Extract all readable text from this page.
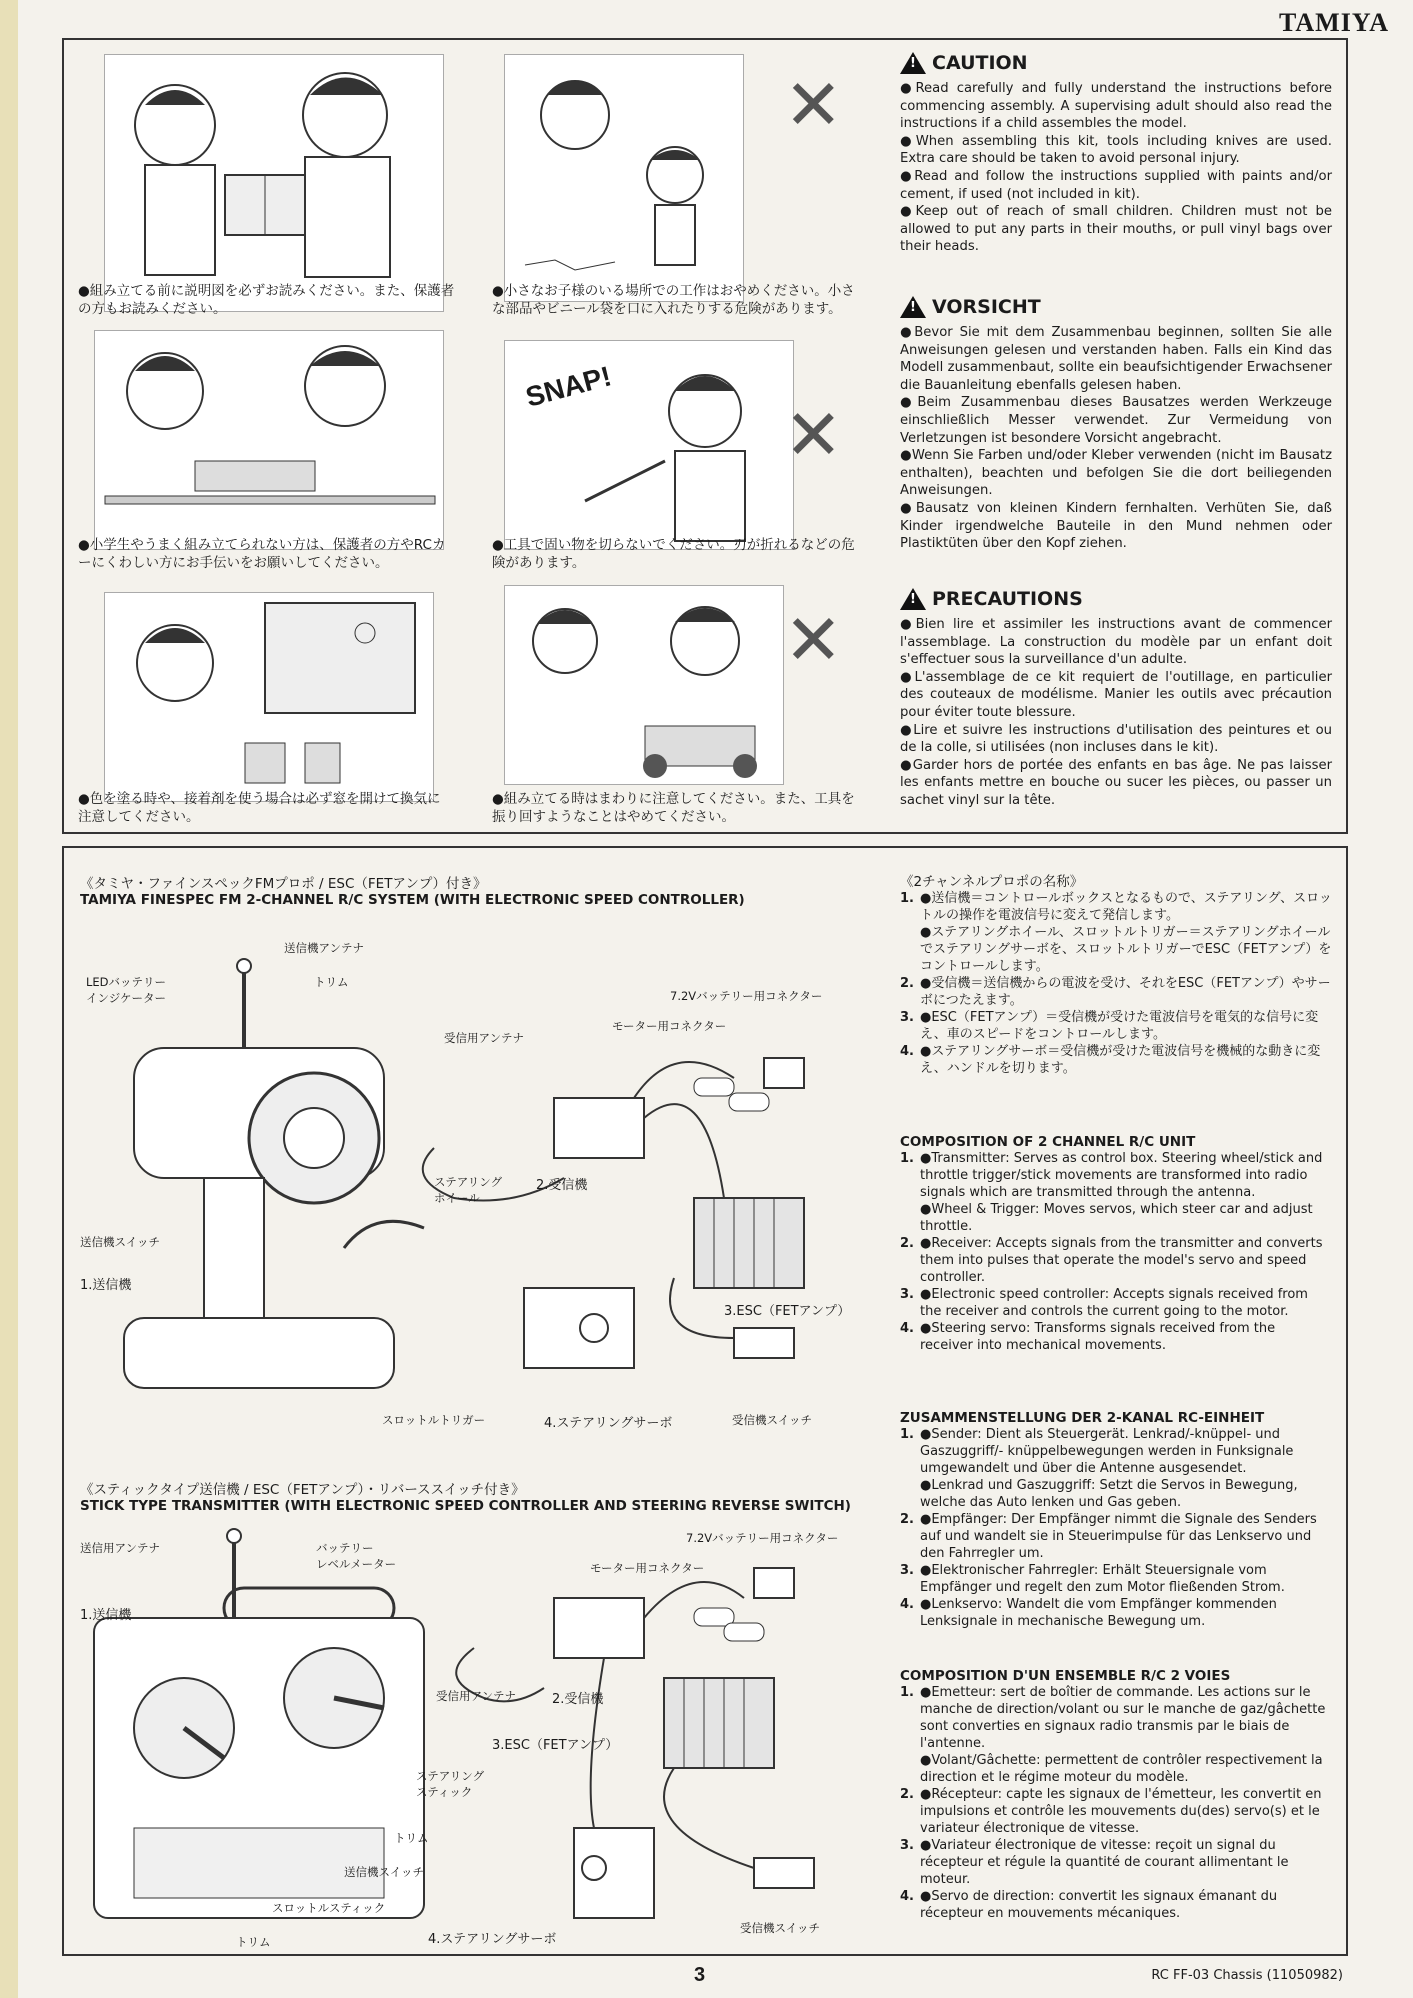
TAMIYA
●組み立てる前に説明図を必ずお読みください。また、保護者の方もお読みください。
●小学生やうまく組み立てられない方は、保護者の方やRCカーにくわしい方にお手伝いをお願いしてください。
●色を塗る時や、接着剤を使う場合は必ず窓を開けて換気に注意してください。
✕
●小さなお子様のいる場所での工作はおやめください。小さな部品やビニール袋を口に入れたりする危険があります。
SNAP!
✕
●工具で固い物を切らないでください。刃が折れるなどの危険があります。
✕
●組み立てる時はまわりに注意してください。また、工具を振り回すようなことはやめてください。
!
CAUTION
● Read carefully and fully understand the instructions before commencing assembly. A supervising adult should also read the instructions if a child assembles the model.
● When assembling this kit, tools including knives are used. Extra care should be taken to avoid personal injury.
● Read and follow the instructions supplied with paints and/or cement, if used (not included in kit).
● Keep out of reach of small children. Children must not be allowed to put any parts in their mouths, or pull vinyl bags over their heads.
!
VORSICHT
● Bevor Sie mit dem Zusammenbau beginnen, sollten Sie alle Anweisungen gelesen und verstanden haben. Falls ein Kind das Modell zusammenbaut, sollte ein beaufsichtigender Erwachsener die Bauanleitung ebenfalls gelesen haben.
● Beim Zusammenbau dieses Bausatzes werden Werkzeuge einschließlich Messer verwendet. Zur Vermeidung von Verletzungen ist besondere Vorsicht angebracht.
● Wenn Sie Farben und/oder Kleber verwenden (nicht im Bausatz enthalten), beachten und befolgen Sie die dort beiliegenden Anweisungen.
● Bausatz von kleinen Kindern fernhalten. Verhüten Sie, daß Kinder irgendwelche Bauteile in den Mund nehmen oder Plastiktüten über den Kopf ziehen.
!
PRECAUTIONS
● Bien lire et assimiler les instructions avant de commencer l'assemblage. La construction du modèle par un enfant doit s'effectuer sous la surveillance d'un adulte.
● L'assemblage de ce kit requiert de l'outillage, en particulier des couteaux de modélisme. Manier les outils avec précaution pour éviter toute blessure.
● Lire et suivre les instructions d'utilisation des peintures et ou de la colle, si utilisées (non incluses dans le kit).
● Garder hors de portée des enfants en bas âge. Ne pas laisser les enfants mettre en bouche ou sucer les pièces, ou passer un sachet vinyl sur la tête.
《タミヤ・ファインスペックFMプロポ / ESC（FETアンプ）付き》
TAMIYA FINESPEC FM 2-CHANNEL R/C SYSTEM (WITH ELECTRONIC SPEED CONTROLLER)
送信機アンテナ
LEDバッテリー
インジケーター
トリム
受信用アンテナ
7.2Vバッテリー用コネクター
モーター用コネクター
ステアリング
ホイール
2.受信機
送信機スイッチ
1.送信機
3.ESC（FETアンプ）
スロットルトリガー	4.ステアリングサーボ	受信機スイッチ
《スティックタイプ送信機 / ESC（FETアンプ）・リバーススイッチ付き》
STICK TYPE TRANSMITTER (WITH ELECTRONIC SPEED CONTROLLER AND STEERING REVERSE SWITCH)
送信用アンテナ	バッテリー
レベルメーター
7.2Vバッテリー用コネクター
モーター用コネクター
1.送信機
受信用アンテナ	2.受信機
3.ESC（FETアンプ）
ステアリング
スティック
トリム
送信機スイッチ
スロットルスティック
トリム	4.ステアリングサーボ
受信機スイッチ
《2チャンネルプロポの名称》
1. ●送信機＝コントロールボックスとなるもので、ステアリング、スロットルの操作を電波信号に変えて発信します。
●ステアリングホイール、スロットルトリガー＝ステアリングホイールでステアリングサーボを、スロットルトリガーでESC（FETアンプ）をコントロールします。
2. ●受信機＝送信機からの電波を受け、それをESC（FETアンプ）やサーボにつたえます。
3. ●ESC（FETアンプ）＝受信機が受けた電波信号を電気的な信号に変え、車のスピードをコントロールします。
4. ●ステアリングサーボ＝受信機が受けた電波信号を機械的な動きに変え、ハンドルを切ります。
COMPOSITION OF 2 CHANNEL R/C UNIT
1. ●Transmitter: Serves as control box. Steering wheel/stick and throttle trigger/stick movements are transformed into radio signals which are transmitted through the antenna.
●Wheel & Trigger: Moves servos, which steer car and adjust throttle.
2. ●Receiver: Accepts signals from the transmitter and converts them into pulses that operate the model's servo and speed controller.
3. ●Electronic speed controller: Accepts signals received from the receiver and controls the current going to the motor.
4. ●Steering servo: Transforms signals received from the receiver into mechanical movements.
ZUSAMMENSTELLUNG DER 2-KANAL RC-EINHEIT
1. ●Sender: Dient als Steuergerät. Lenkrad/-knüppel- und Gaszuggriff/- knüppelbewegungen werden in Funksignale umgewandelt und über die Antenne ausgesendet.
●Lenkrad und Gaszuggriff: Setzt die Servos in Bewegung, welche das Auto lenken und Gas geben.
2. ●Empfänger: Der Empfänger nimmt die Signale des Senders auf und wandelt sie in Steuerimpulse für das Lenkservo und den Fahrregler um.
3. ●Elektronischer Fahrregler: Erhält Steuersignale vom Empfänger und regelt den zum Motor fließenden Strom.
4. ●Lenkservo: Wandelt die vom Empfänger kommenden Lenksignale in mechanische Bewegung um.
COMPOSITION D'UN ENSEMBLE R/C 2 VOIES
1. ●Emetteur: sert de boîtier de commande. Les actions sur le manche de direction/volant ou sur le manche de gaz/gâchette sont converties en signaux radio transmis par le biais de l'antenne.
●Volant/Gâchette: permettent de contrôler respectivement la direction et le régime moteur du modèle.
2. ●Récepteur: capte les signaux de l'émetteur, les convertit en impulsions et contrôle les mouvements du(des) servo(s) et le variateur électronique de vitesse.
3. ●Variateur électronique de vitesse: reçoit un signal du récepteur et régule la quantité de courant allimentant le moteur.
4. ●Servo de direction: convertit les signaux émanant du récepteur en mouvements mécaniques.
3	RC FF-03 Chassis (11050982)
